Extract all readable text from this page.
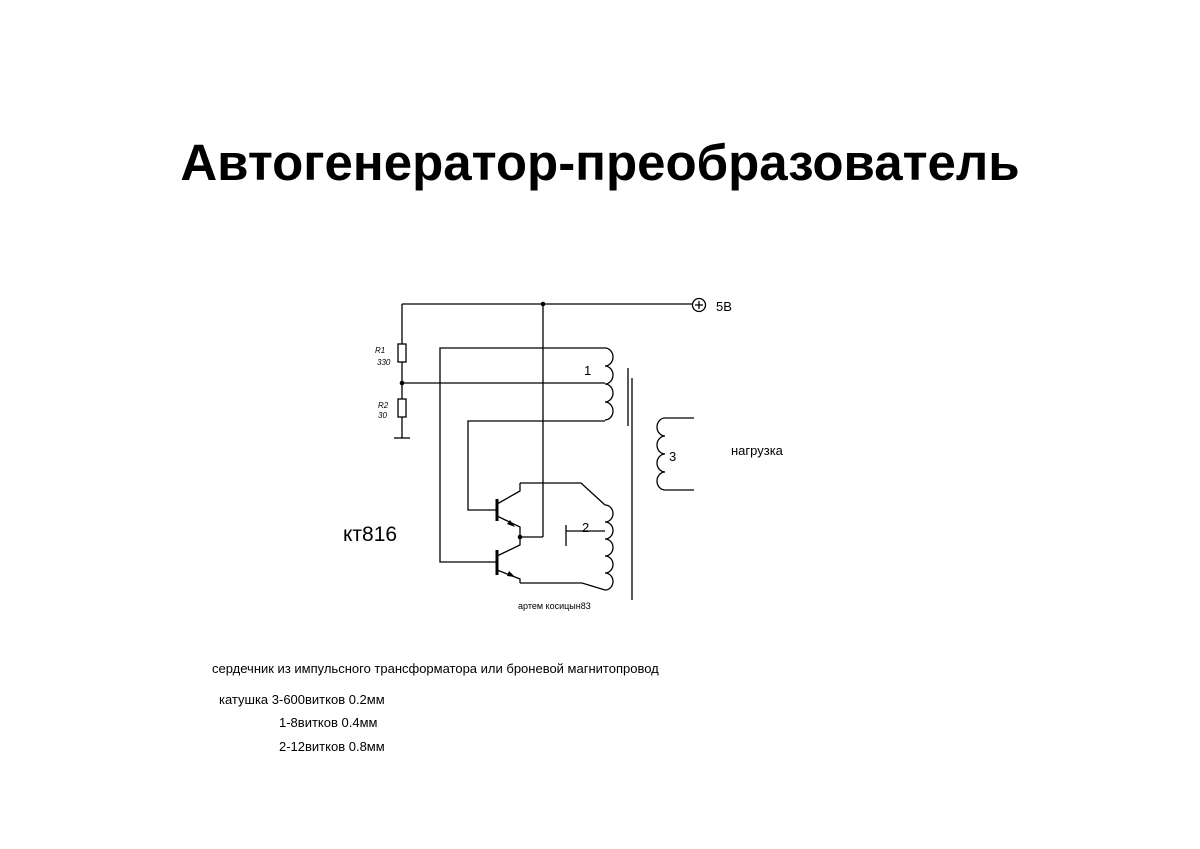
Автогенератор-преобразователь
5В
R1
330
R2
30
1
2
3	нагрузка
кт816
артем косицын83

сердечник из импульсного трансформатора или броневой магнитопровод

катушка 3-600витков 0.2мм

1-8витков 0.4мм

2-12витков 0.8мм
